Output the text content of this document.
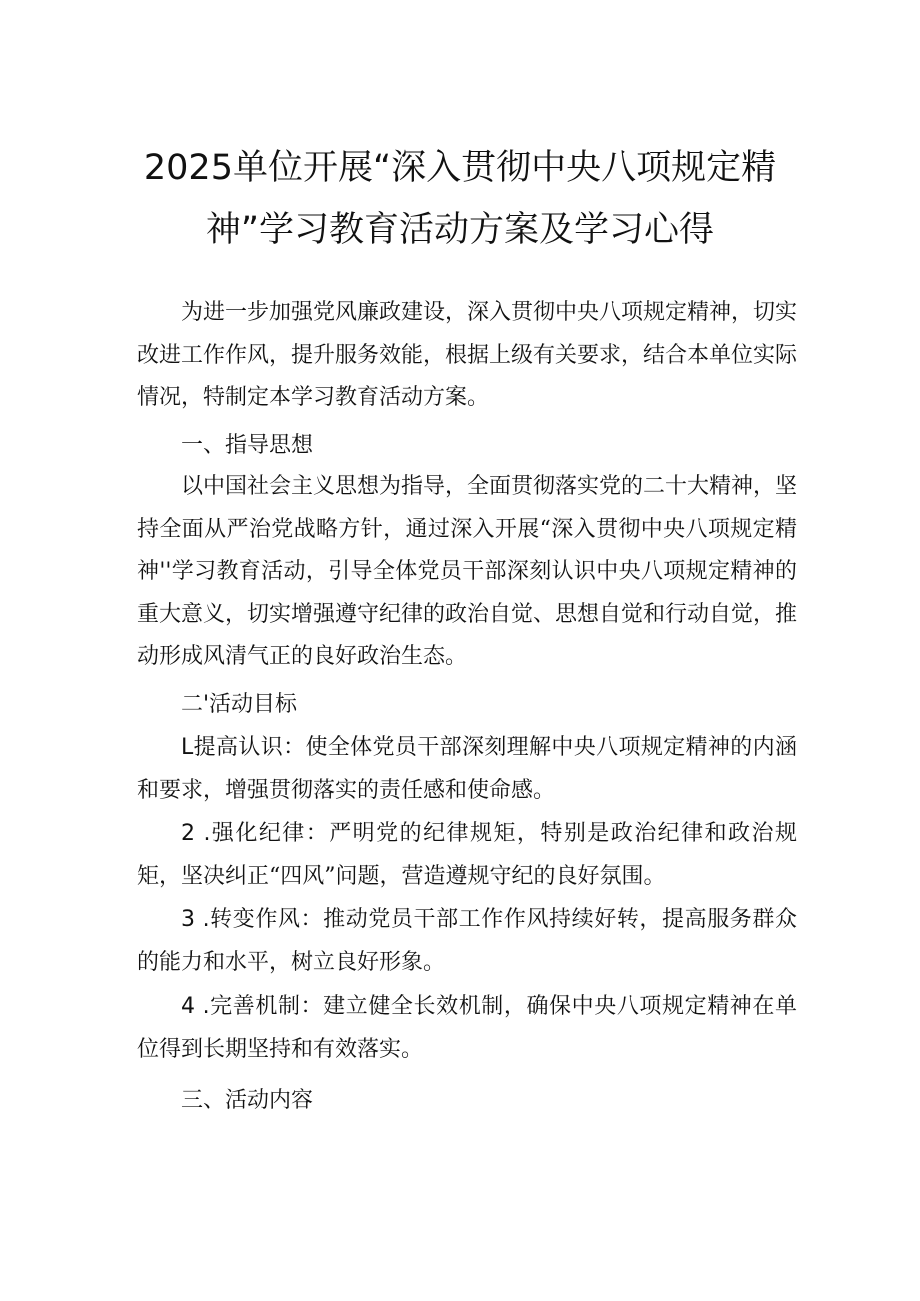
2025单位开展“深入贯彻中央八项规定精
神”学习教育活动方案及学习心得

为进一步加强党风廉政建设，深入贯彻中央八项规定精神，切实改进工作作风，提升服务效能，根据上级有关要求，结合本单位实际情况，特制定本学习教育活动方案。

一、指导思想

以中国社会主义思想为指导，全面贯彻落实党的二十大精神，坚持全面从严治党战略方针，通过深入开展“深入贯彻中央八项规定精神''学习教育活动，引导全体党员干部深刻认识中央八项规定精神的重大意义，切实增强遵守纪律的政治自觉、思想自觉和行动自觉，推动形成风清气正的良好政治生态。

二'活动目标

L提高认识：使全体党员干部深刻理解中央八项规定精神的内涵和要求，增强贯彻落实的责任感和使命感。

2 .强化纪律：严明党的纪律规矩，特别是政治纪律和政治规矩，坚决纠正“四风”问题，营造遵规守纪的良好氛围。

3 .转变作风：推动党员干部工作作风持续好转，提高服务群众的能力和水平，树立良好形象。

4 .完善机制：建立健全长效机制，确保中央八项规定精神在单位得到长期坚持和有效落实。

三、活动内容
